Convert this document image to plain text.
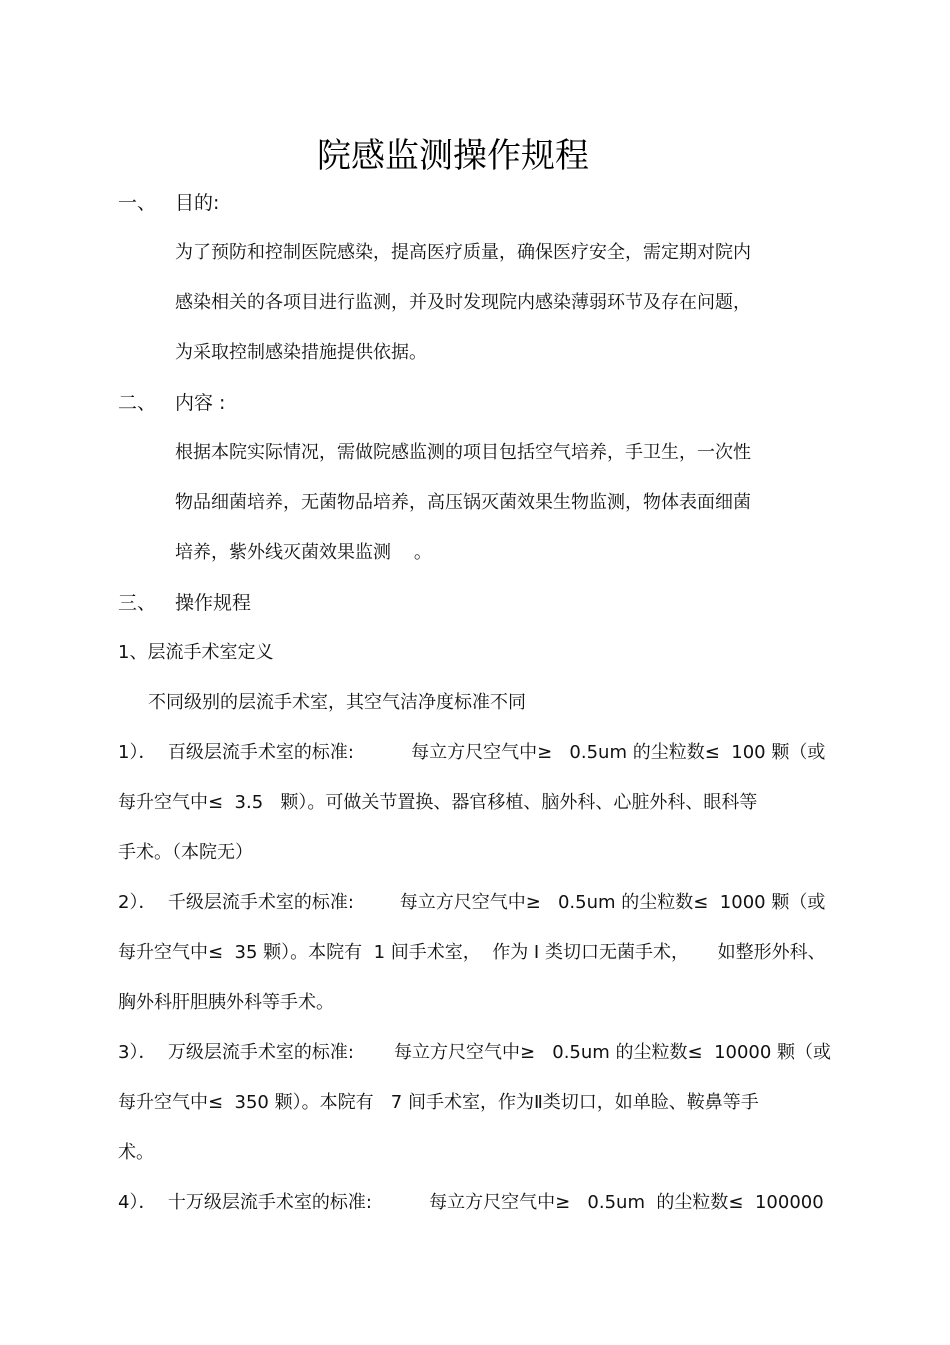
院感监测操作规程
一、 目的:
为了预防和控制医院感染，提高医疗质量，确保医疗安全，需定期对院内
感染相关的各项目进行监测，并及时发现院内感染薄弱环节及存在问题，
为采取控制感染措施提供依据。
二、 内容 :
根据本院实际情况，需做院感监测的项目包括空气培养，手卫生，一次性
物品细菌培养，无菌物品培养，高压锅灭菌效果生物监测，物体表面细菌
培养，紫外线灭菌效果监测    。
三、 操作规程
1、层流手术室定义
不同级别的层流手术室，其空气洁净度标准不同
1）．  百级层流手术室的标准:          每立方尺空气中≥   0.5um 的尘粒数≤  100 颗（或
每升空气中≤  3.5   颗）。可做关节置换、器官移植、脑外科、心脏外科、眼科等
手术。（本院无）
2）．  千级层流手术室的标准:        每立方尺空气中≥   0.5um 的尘粒数≤  1000 颗（或
每升空气中≤  35 颗）。本院有  1 间手术室，  作为 I 类切口无菌手术，     如整形外科、
胸外科肝胆胰外科等手术。
3）．  万级层流手术室的标准:       每立方尺空气中≥   0.5um 的尘粒数≤  10000 颗（或
每升空气中≤  350 颗）。本院有   7 间手术室，作为Ⅱ类切口，如单睑、鞍鼻等手
术。
4）．  十万级层流手术室的标准:          每立方尺空气中≥   0.5um  的尘粒数≤  100000
